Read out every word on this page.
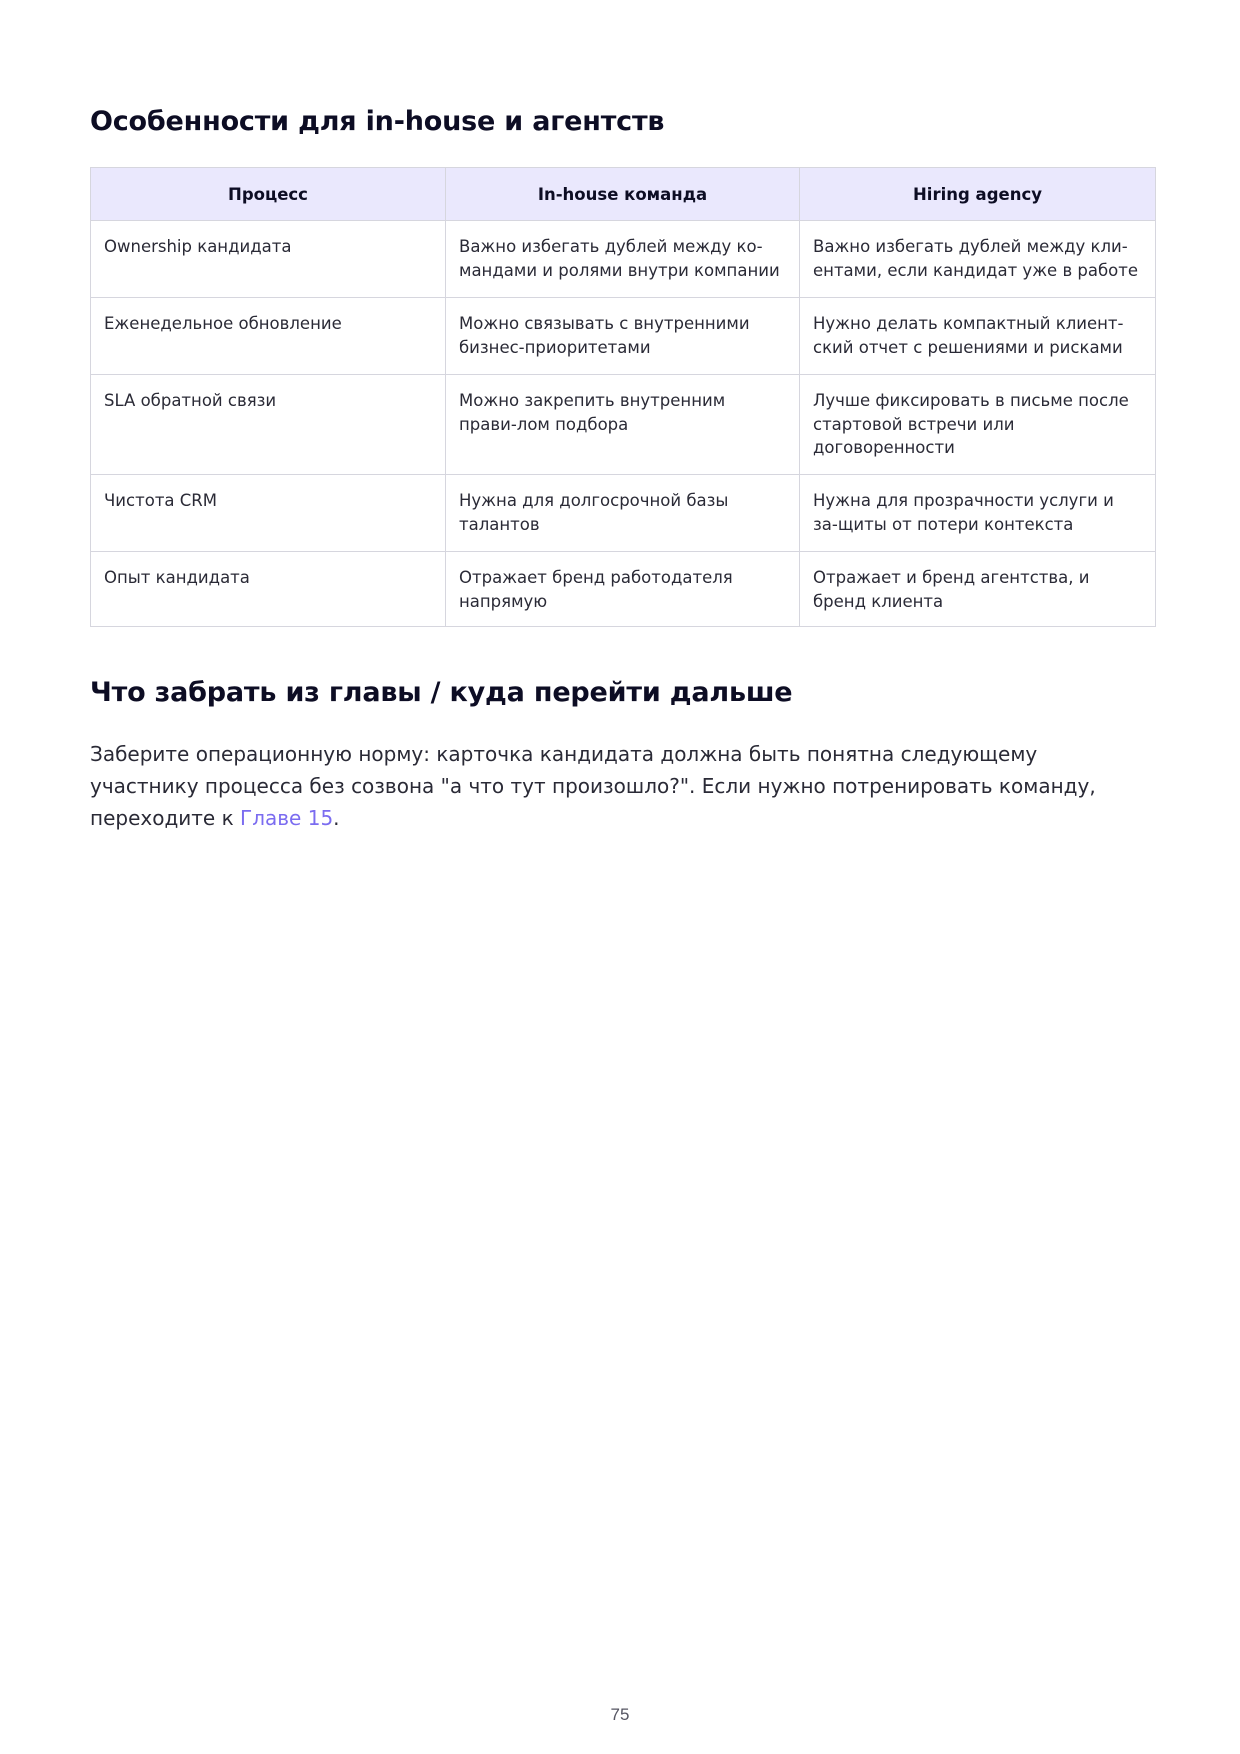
Особенности для in-house и агентств
Процесс	In-house команда	Hiring agency
Ownership кандидата	Важно избегать дублей между ко-мандами и ролями внутри компании	Важно избегать дублей между кли-ентами, если кандидат уже в работе
Еженедельное обновление	Можно связывать с внутренними бизнес-приоритетами	Нужно делать компактный клиент-ский отчет с решениями и рисками
SLA обратной связи	Можно закрепить внутренним прави-лом подбора	Лучше фиксировать в письме после стартовой встречи или договоренности
Чистота CRM	Нужна для долгосрочной базы талантов	Нужна для прозрачности услуги и за-щиты от потери контекста
Опыт кандидата	Отражает бренд работодателя напрямую	Отражает и бренд агентства, и бренд клиента
Что забрать из главы / куда перейти дальше

Заберите операционную норму: карточка кандидата должна быть понятна следующему участнику процесса без созвона "а что тут произошло?". Если нужно потренировать команду, переходите к Главе 15.

75
